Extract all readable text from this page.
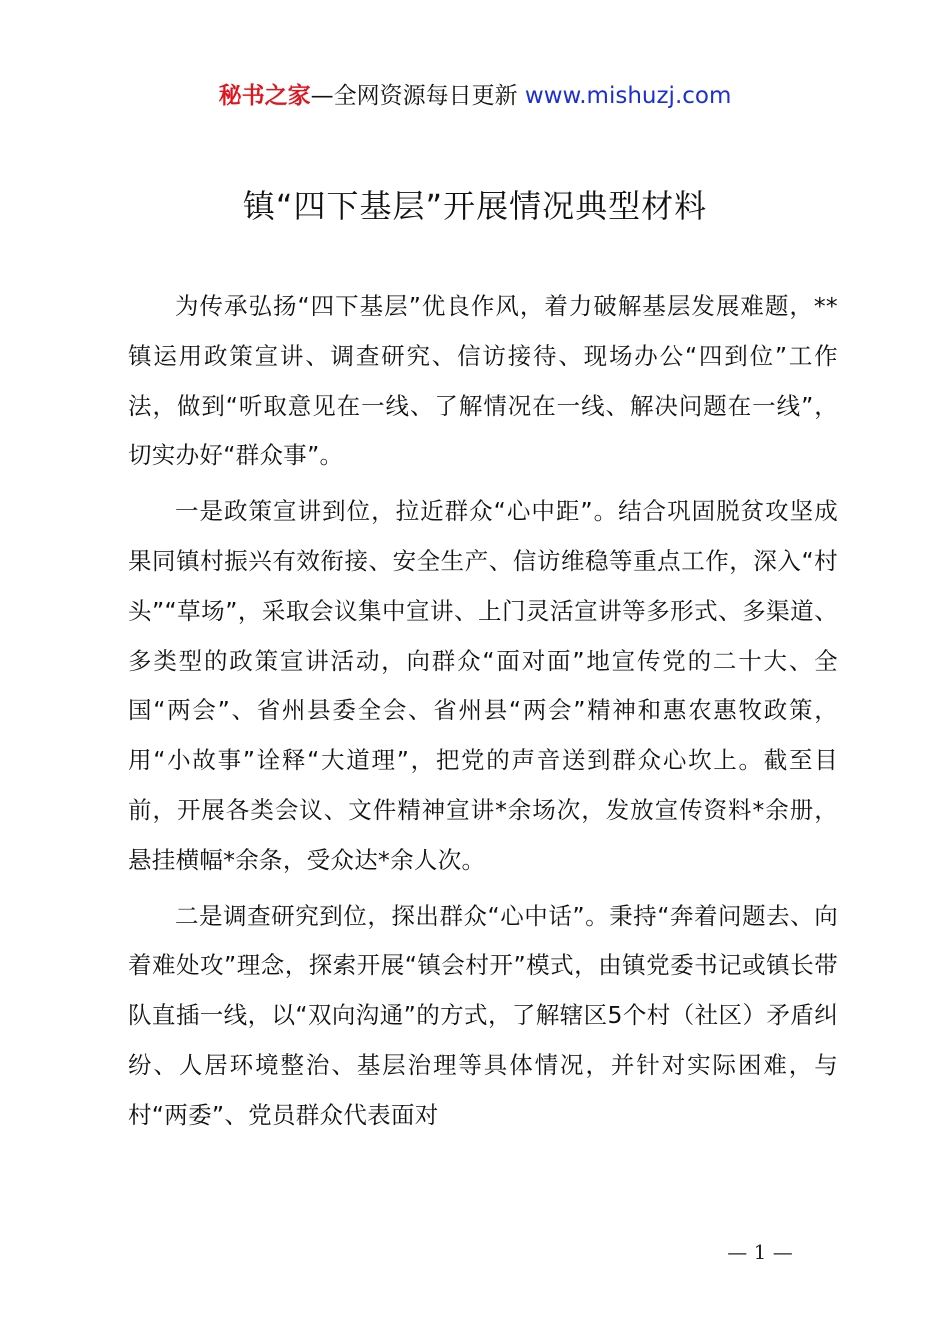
秘书之家—全网资源每日更新 www.mishuzj.com
镇“四下基层”开展情况典型材料

为传承弘扬“四下基层”优良作风，着力破解基层发展难题，**镇运用政策宣讲、调查研究、信访接待、现场办公“四到位”工作法，做到“听取意见在一线、了解情况在一线、解决问题在一线”，切实办好“群众事”。

一是政策宣讲到位，拉近群众“心中距”。结合巩固脱贫攻坚成果同镇村振兴有效衔接、安全生产、信访维稳等重点工作，深入“村头”“草场”，采取会议集中宣讲、上门灵活宣讲等多形式、多渠道、多类型的政策宣讲活动，向群众“面对面”地宣传党的二十大、全国“两会”、省州县委全会、省州县“两会”精神和惠农惠牧政策，用“小故事”诠释“大道理”，把党的声音送到群众心坎上。截至目前，开展各类会议、文件精神宣讲*余场次，发放宣传资料*余册，悬挂横幅*余条，受众达*余人次。

二是调查研究到位，探出群众“心中话”。秉持“奔着问题去、向着难处攻”理念，探索开展“镇会村开”模式，由镇党委书记或镇长带队直插一线，以“双向沟通”的方式，了解辖区5个村（社区）矛盾纠纷、人居环境整治、基层治理等具体情况，并针对实际困难，与村“两委”、党员群众代表面对

— 1 —
